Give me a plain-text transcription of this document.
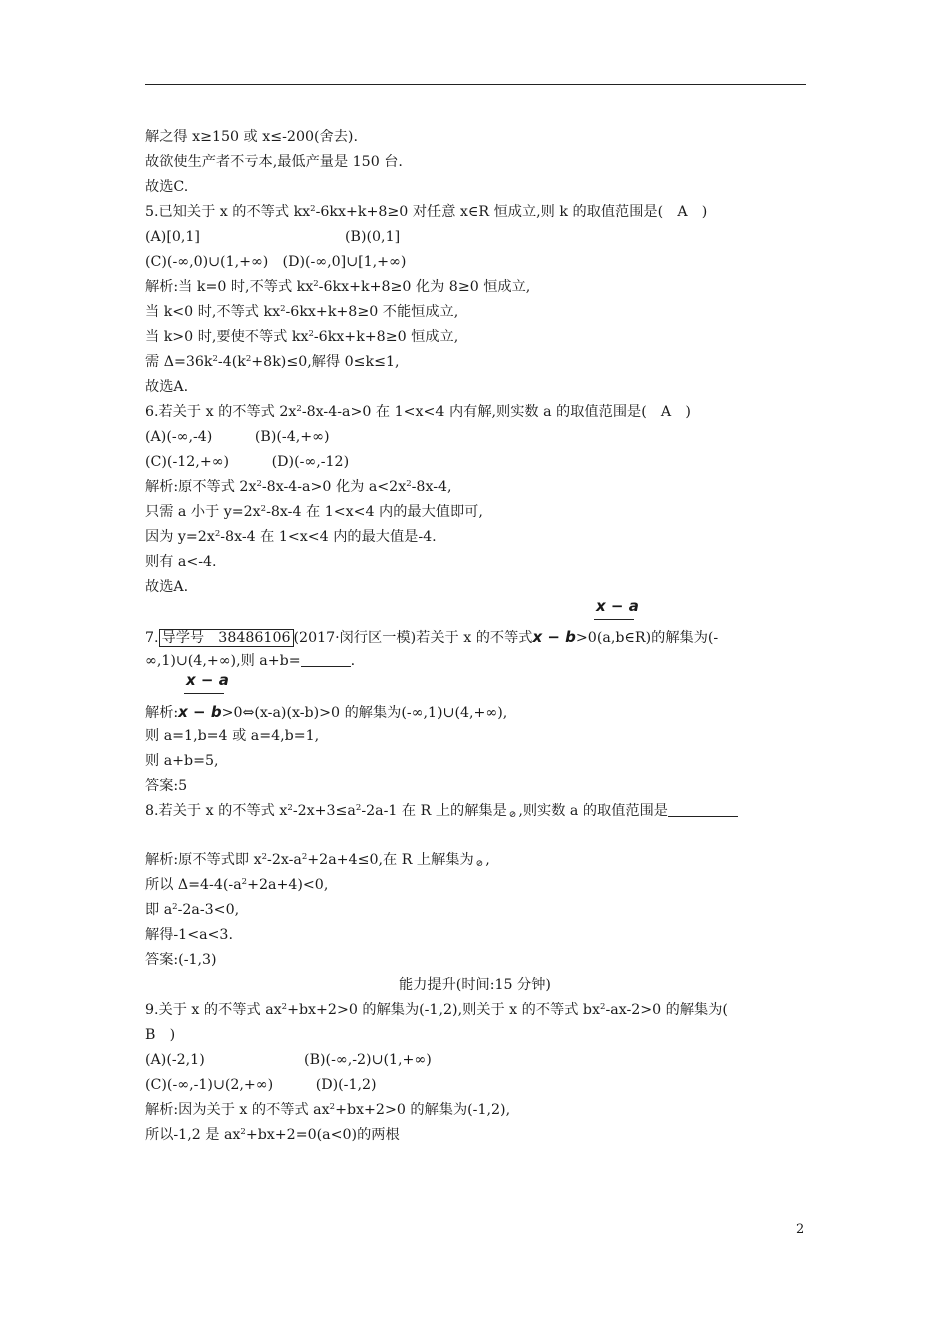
解之得 x≥150 或 x≤-200(舍去).
故欲使生产者不亏本,最低产量是 150 台.
故选C.
5.已知关于 x 的不等式 $kx^2-6kx+k+8\ge 0$ 对任意 x∈R 恒成立,则 k 的取值范围是(　A　)
(A)[0,1]	(B)(0,1]
(C)(-∞,0)∪(1,+∞)　(D)(-∞,0]∪[1,+∞)
解析:当 k=0 时,不等式 $kx^2-6kx+k+8\ge 0$ 化为 8≥0 恒成立,
当 k<0 时,不等式 $kx^2-6kx+k+8\ge 0$ 不能恒成立,
当 k>0 时,要使不等式 $kx^2-6kx+k+8\ge 0$ 恒成立,
需 $\Delta=36k^2-4(k^2+8k)\le 0$,解得 0≤k≤1,
故选A.
6.若关于 x 的不等式 $2x^2-8x-4-a>0$ 在 1<x<4 内有解,则实数 a 的取值范围是(　A　)
(A)(-∞,-4)　　　(B)(-4,+∞)
(C)(-12,+∞)　　　(D)(-∞,-12)
解析:原不等式 $2x^2-8x-4-a>0$ 化为 $a<2x^2-8x-4$,
只需 a 小于 $y=2x^2-8x-4$ 在 1<x<4 内的最大值即可,
因为 $y=2x^2-8x-4$ 在 1<x<4 内的最大值是-4.
则有 a<-4.
故选A.
x − a
7. 导学号　38486106 (2017·闵行区一模)若关于 x 的不等式x − b>0(a,b∈R)的解集为(-
∞,1)∪(4,+∞),则 a+b=	.
x − a
解析:x − b>0⇔(x-a)(x-b)>0 的解集为(-∞,1)∪(4,+∞),
则 a=1,b=4 或 a=4,b=1,
则 a+b=5,
答案:5
8.若关于 x 的不等式 $x^2-2x+3\le a^2-2a-1$ 在 R 上的解集是 ⊘ ,则实数 a 的取值范围是
解析:原不等式即 $x^2-2x-a^2+2a+4\le 0$,在 R 上解集为 ⊘ ,
所以 $\Delta=4-4(-a^2+2a+4)<0$,
即 $a^2-2a-3<0$,
解得-1<a<3.
答案:(-1,3)
能力提升(时间:15 分钟)
9.关于 x 的不等式 $ax^2+bx+2>0$ 的解集为(-1,2),则关于 x 的不等式 $bx^2-ax-2>0$ 的解集为(
B　)
(A)(-2,1)　　　　　　　(B)(-∞,-2)∪(1,+∞)
(C)(-∞,-1)∪(2,+∞)　　　(D)(-1,2)
解析:因为关于 x 的不等式 $ax^2+bx+2>0$ 的解集为(-1,2),
所以-1,2 是 $ax^2+bx+2=0(a<0)$的两根
2
